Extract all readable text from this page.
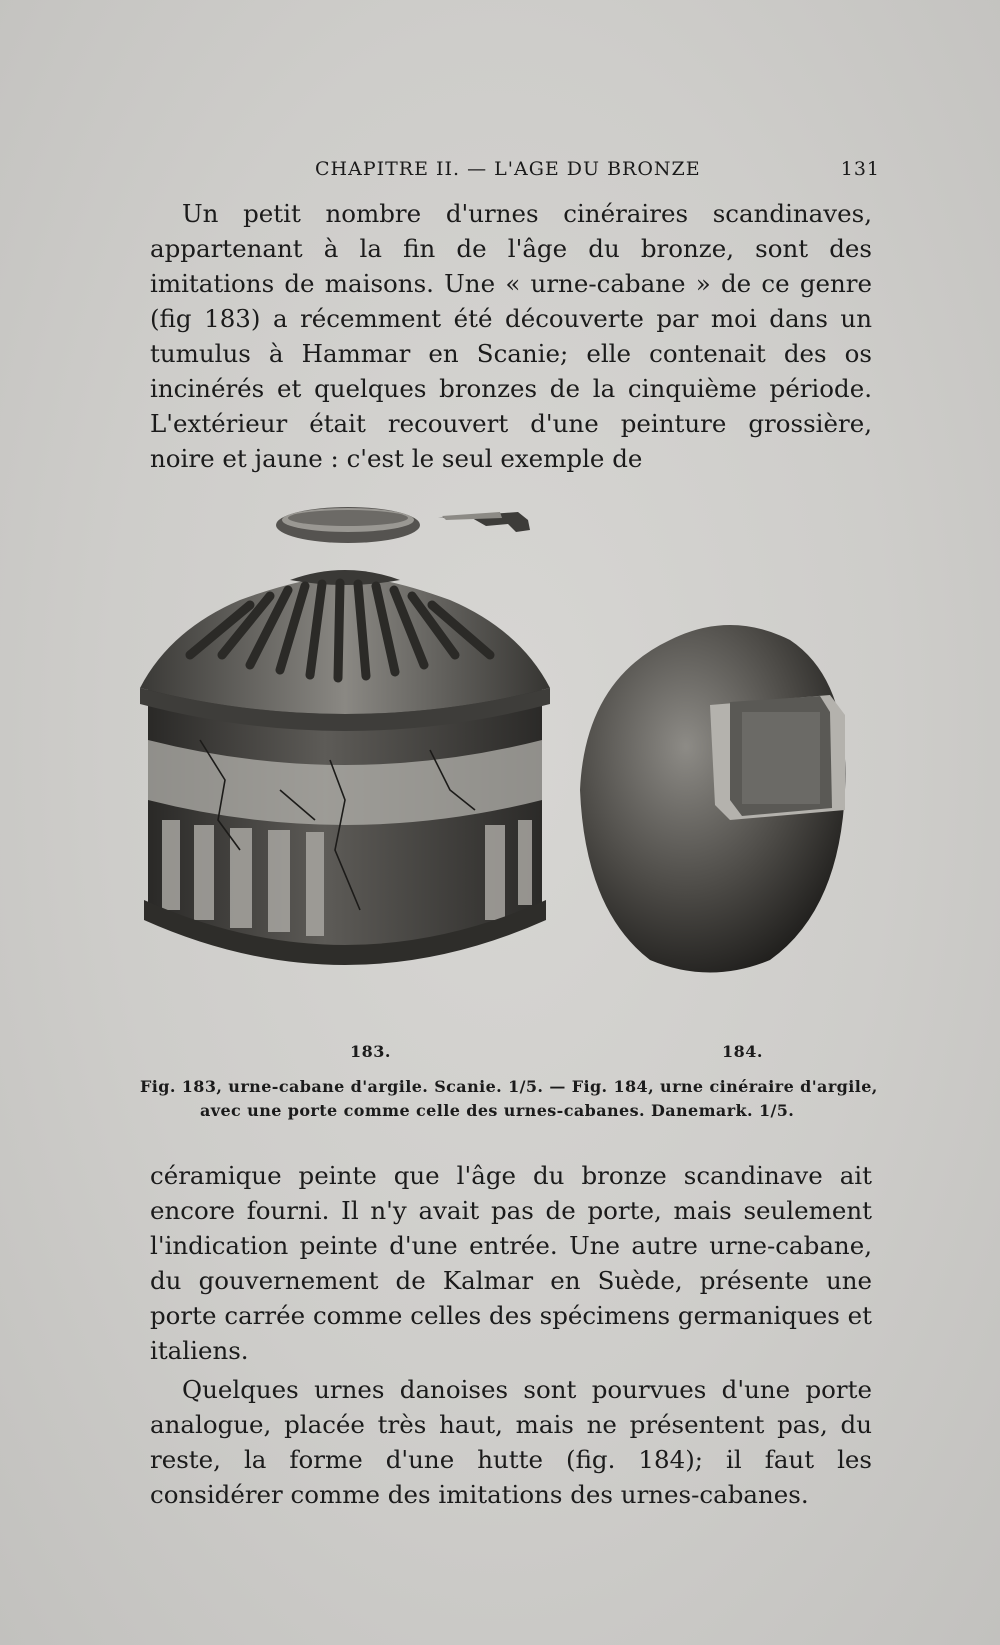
CHAPITRE II. — L'AGE DU BRONZE	131

Un petit nombre d'urnes cinéraires scandinaves, appartenant à la fin de l'âge du bronze, sont des imitations de maisons. Une « urne-cabane » de ce genre (fig 183) a récemment été découverte par moi dans un tumulus à Hammar en Scanie; elle contenait des os incinérés et quelques bronzes de la cinquième période. L'extérieur était recouvert d'une peinture grossière, noire et jaune : c'est le seul exemple de

183.	184.
Fig. 183, urne-cabane d'argile. Scanie. 1/5. — Fig. 184, urne cinéraire d'argile,
avec une porte comme celle des urnes-cabanes. Danemark. 1/5.

céramique peinte que l'âge du bronze scandinave ait encore fourni. Il n'y avait pas de porte, mais seulement l'indication peinte d'une entrée. Une autre urne-cabane, du gouvernement de Kalmar en Suède, présente une porte carrée comme celles des spécimens germaniques et italiens.

Quelques urnes danoises sont pourvues d'une porte analogue, placée très haut, mais ne présentent pas, du reste, la forme d'une hutte (fig. 184); il faut les considérer comme des imitations des urnes-cabanes.
